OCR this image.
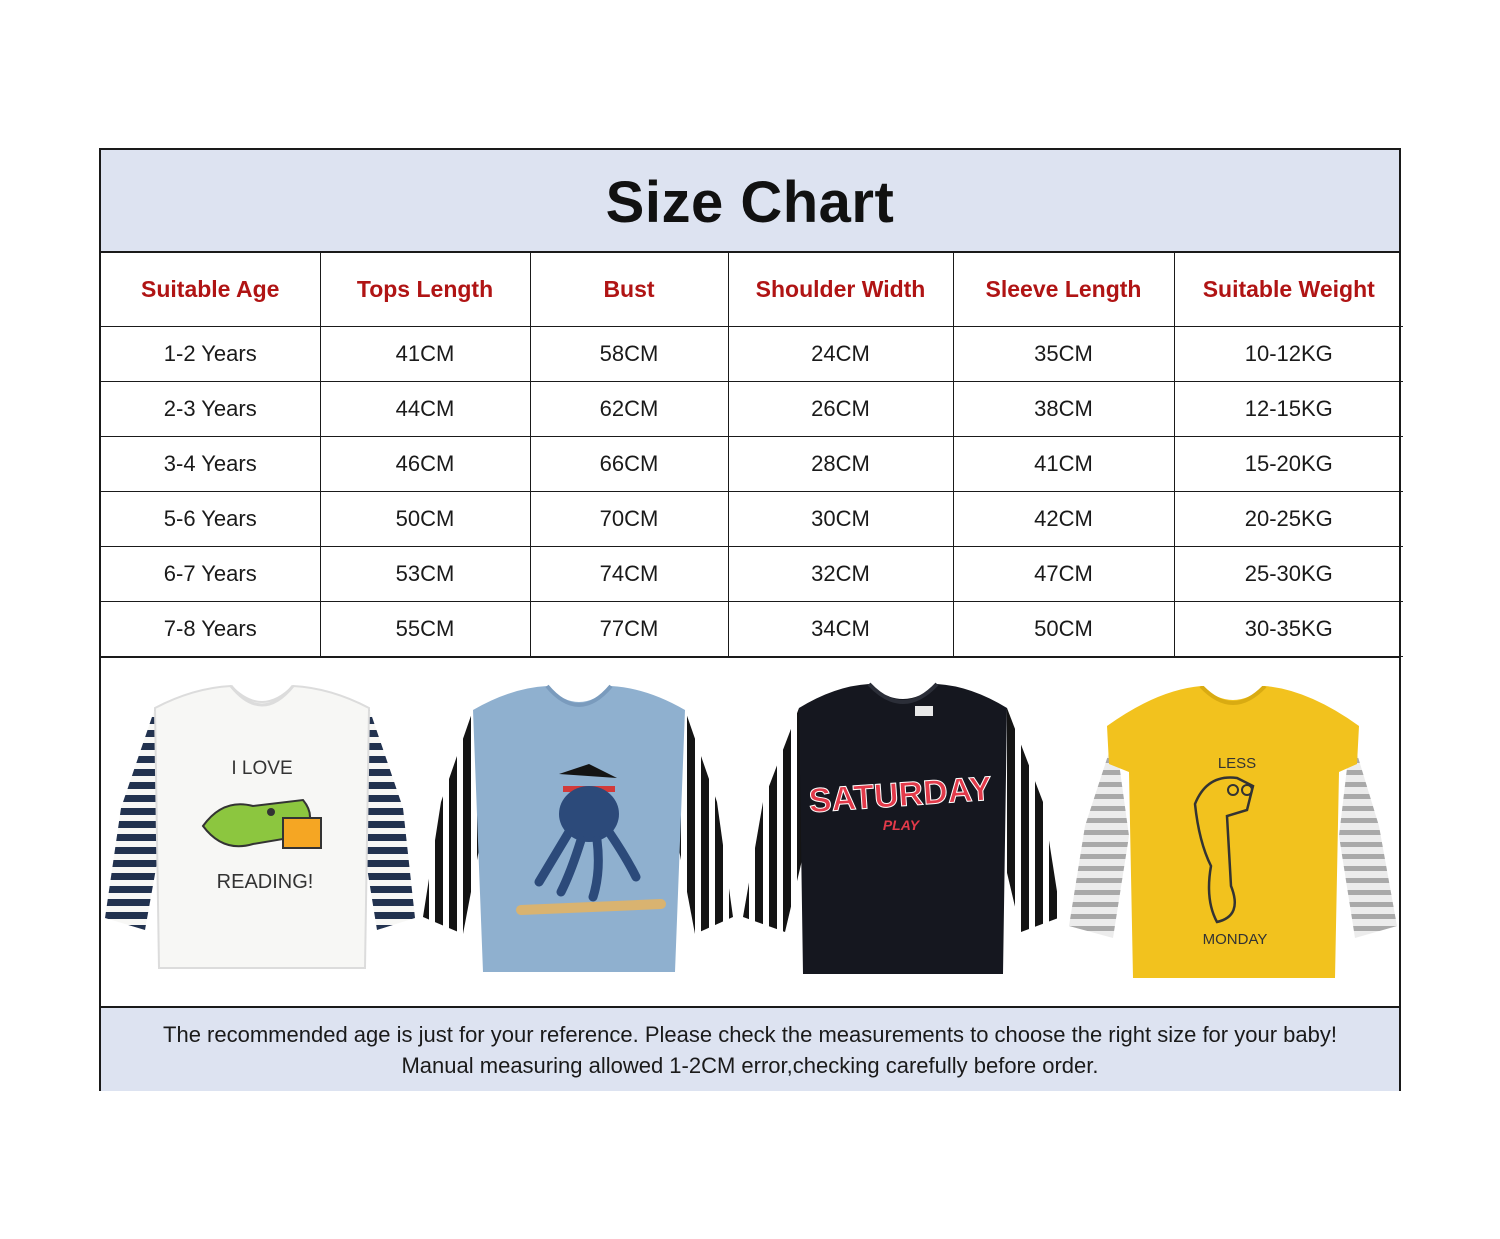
Size Chart
Suitable Age	Tops Length	Bust	Shoulder Width	Sleeve Length	Suitable Weight
1-2 Years	41CM	58CM	24CM	35CM	10-12KG
2-3 Years	44CM	62CM	26CM	38CM	12-15KG
3-4 Years	46CM	66CM	28CM	41CM	15-20KG
5-6 Years	50CM	70CM	30CM	42CM	20-25KG
6-7 Years	53CM	74CM	32CM	47CM	25-30KG
7-8 Years	55CM	77CM	34CM	50CM	30-35KG
I LOVE
READING!
SATURDAY
PLAY
LESS
MONDAY
The recommended age is just for your reference. Please check the measurements to choose the right size for your baby!
Manual measuring allowed 1-2CM error,checking carefully before order.
